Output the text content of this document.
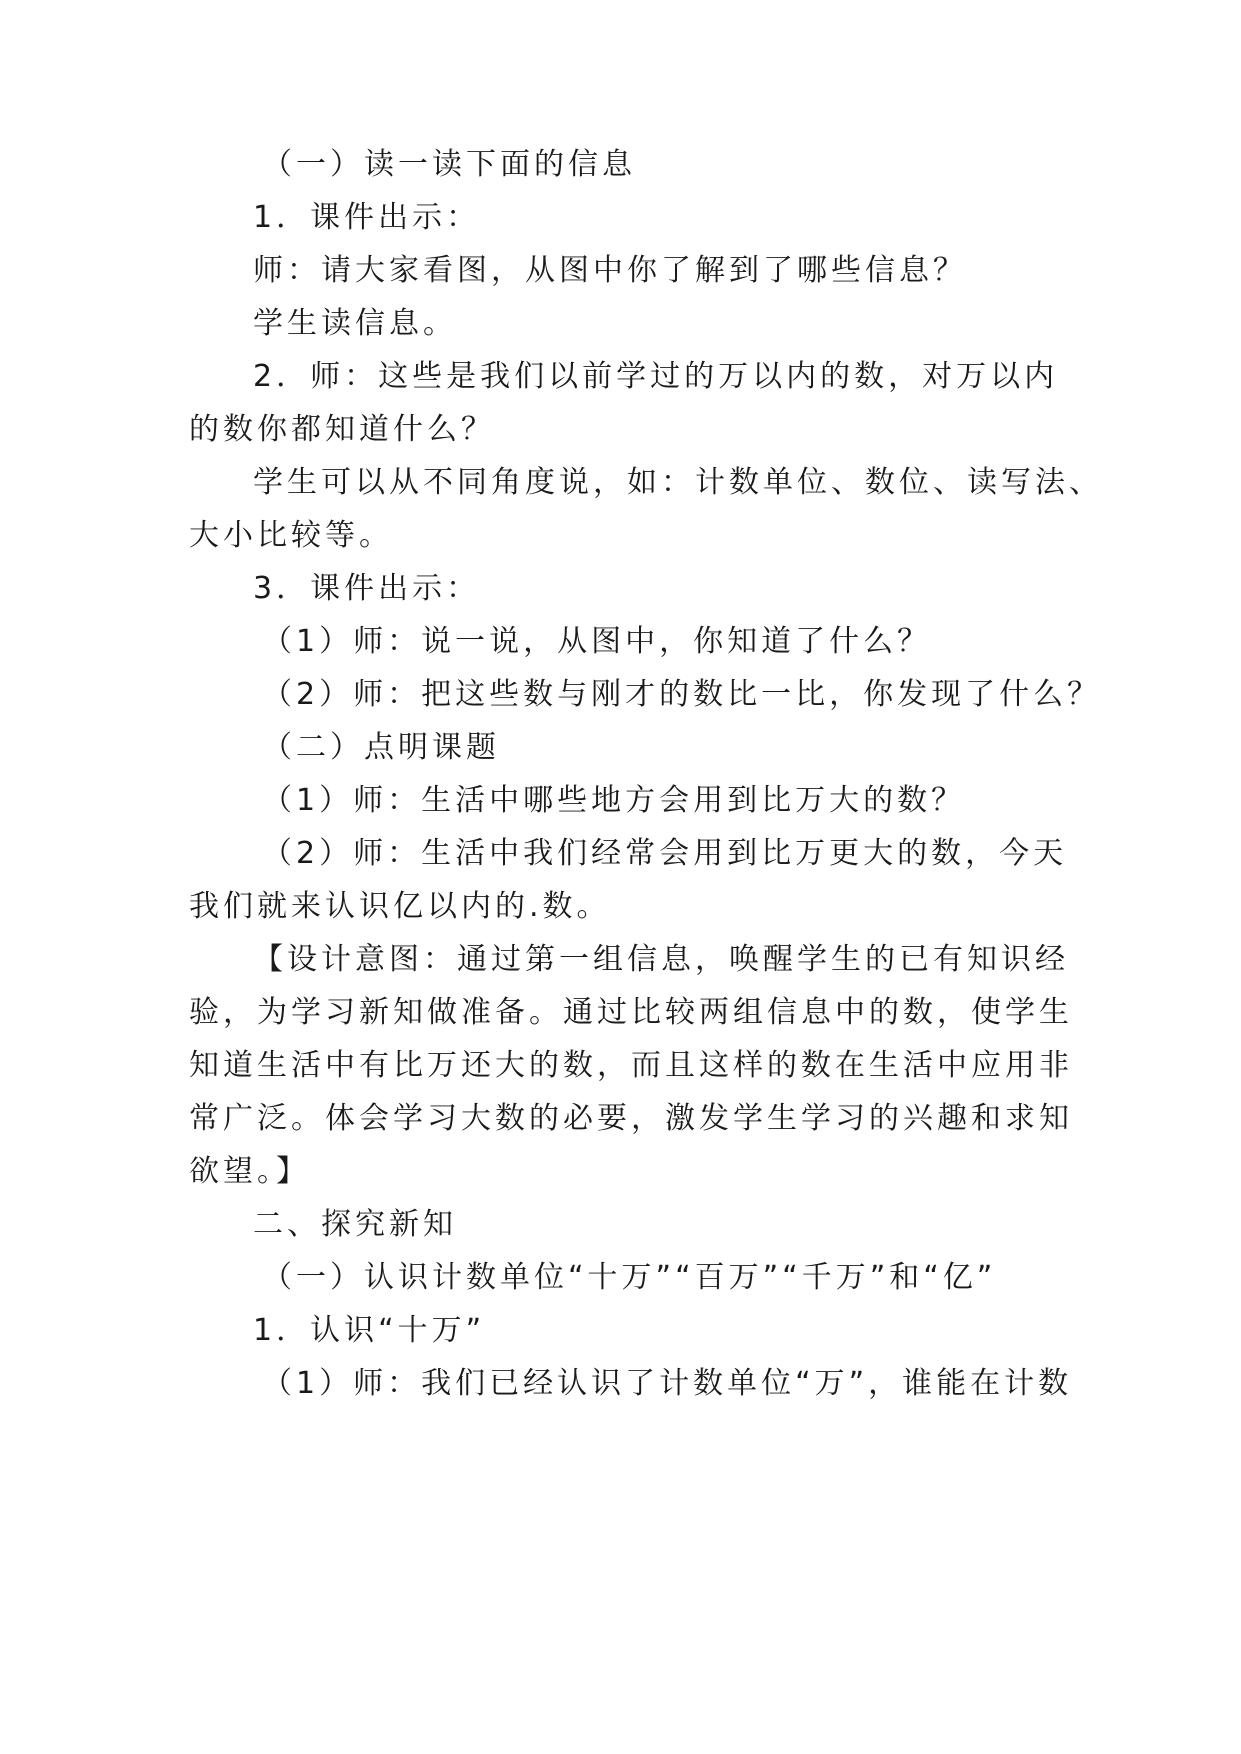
（一）读一读下面的信息
1．课件出示：
师：请大家看图，从图中你了解到了哪些信息？
学生读信息。
2．师：这些是我们以前学过的万以内的数，对万以内
的数你都知道什么？
学生可以从不同角度说，如：计数单位、数位、读写法、
大小比较等。
3．课件出示：
（1）师：说一说，从图中，你知道了什么？
（2）师：把这些数与刚才的数比一比，你发现了什么？
（二）点明课题
（1）师：生活中哪些地方会用到比万大的数？
（2）师：生活中我们经常会用到比万更大的数，今天
我们就来认识亿以内的.数。
【设计意图：通过第一组信息，唤醒学生的已有知识经
验，为学习新知做准备。通过比较两组信息中的数，使学生
知道生活中有比万还大的数，而且这样的数在生活中应用非
常广泛。体会学习大数的必要，激发学生学习的兴趣和求知
欲望。】
二、探究新知
（一）认识计数单位“十万”“百万”“千万”和“亿”
1．认识“十万”
（1）师：我们已经认识了计数单位“万”，谁能在计数
